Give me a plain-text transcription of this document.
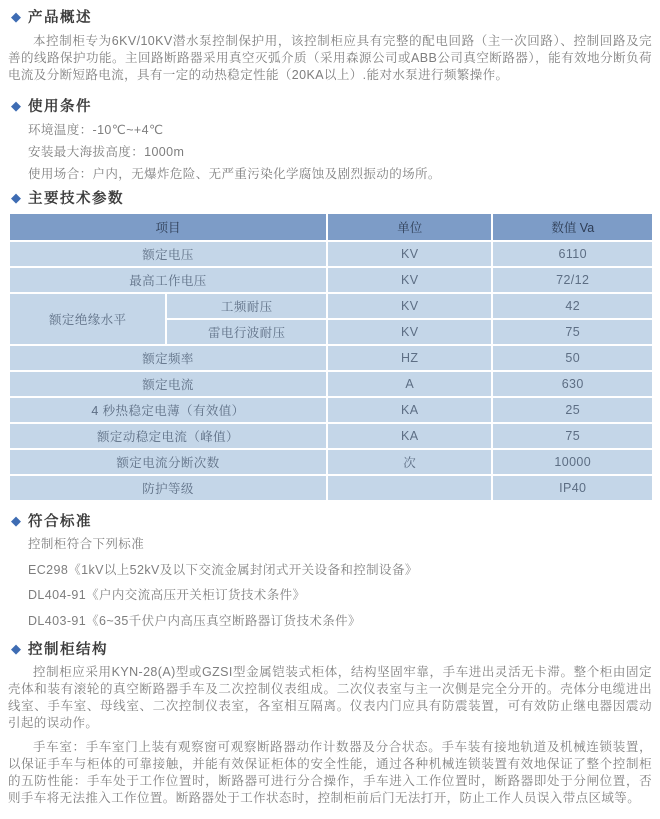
◆ 产品概述

本控制柜专为6KV/10KV潜水泵控制保护用，该控制柜应具有完整的配电回路（主一次回路）、控制回路及完善的线路保护功能。主回路断路器采用真空灭弧介质（采用森源公司或ABB公司真空断路器），能有效地分断负荷电流及分断短路电流，具有一定的动热稳定性能（20KA以上）.能对水泵进行频繁操作。

◆ 使用条件
环境温度：-10℃~+4℃
安装最大海拔高度：1000m
使用场合：户内，无爆炸危险、无严重污染化学腐蚀及剧烈振动的场所。
◆ 主要技术参数
项目		单位	数值 Va
额定电压		KV	6110
最高工作电压		KV	72/12
额定绝缘水平	工频耐压	KV	42
	雷电行波耐压	KV	75
额定频率		HZ	50
额定电流		A	630
4 秒热稳定电薄（有效值）		KA	25
额定动稳定电流（峰值）		KA	75
额定电流分断次数		次	10000
防护等级			IP40
◆ 符合标准
控制柜符合下列标准
EC298《1kV以上52kV及以下交流金属封闭式开关设备和控制设备》
DL404-91《户内交流高压开关柜订货技术条件》
DL403-91《6~35千伏户内高压真空断路器订货技术条件》
◆ 控制柜结构

控制柜应采用KYN-28(A)型或GZSI型金属铠装式柜体，结构坚固牢靠，手车进出灵活无卡滞。整个柜由固定壳体和装有滚轮的真空断路器手车及二次控制仪表组成。二次仪表室与主一次侧是完全分开的。壳体分电缆进出线室、手车室、母线室、二次控制仪表室，各室相互隔离。仪表内门应具有防震装置，可有效防止继电器因震动引起的误动作。

手车室：手车室门上装有观察窗可观察断路器动作计数器及分合状态。手车装有接地轨道及机械连锁装置，以保证手车与柜体的可靠接触，并能有效保证柜体的安全性能，通过各种机械连锁装置有效地保证了整个控制柜的五防性能：手车处于工作位置时，断路器可进行分合操作，手车进入工作位置时，断路器即处于分闸位置，否则手车将无法推入工作位置。断路器处于工作状态时，控制柜前后门无法打开，防止工作人员误入带点区域等。
